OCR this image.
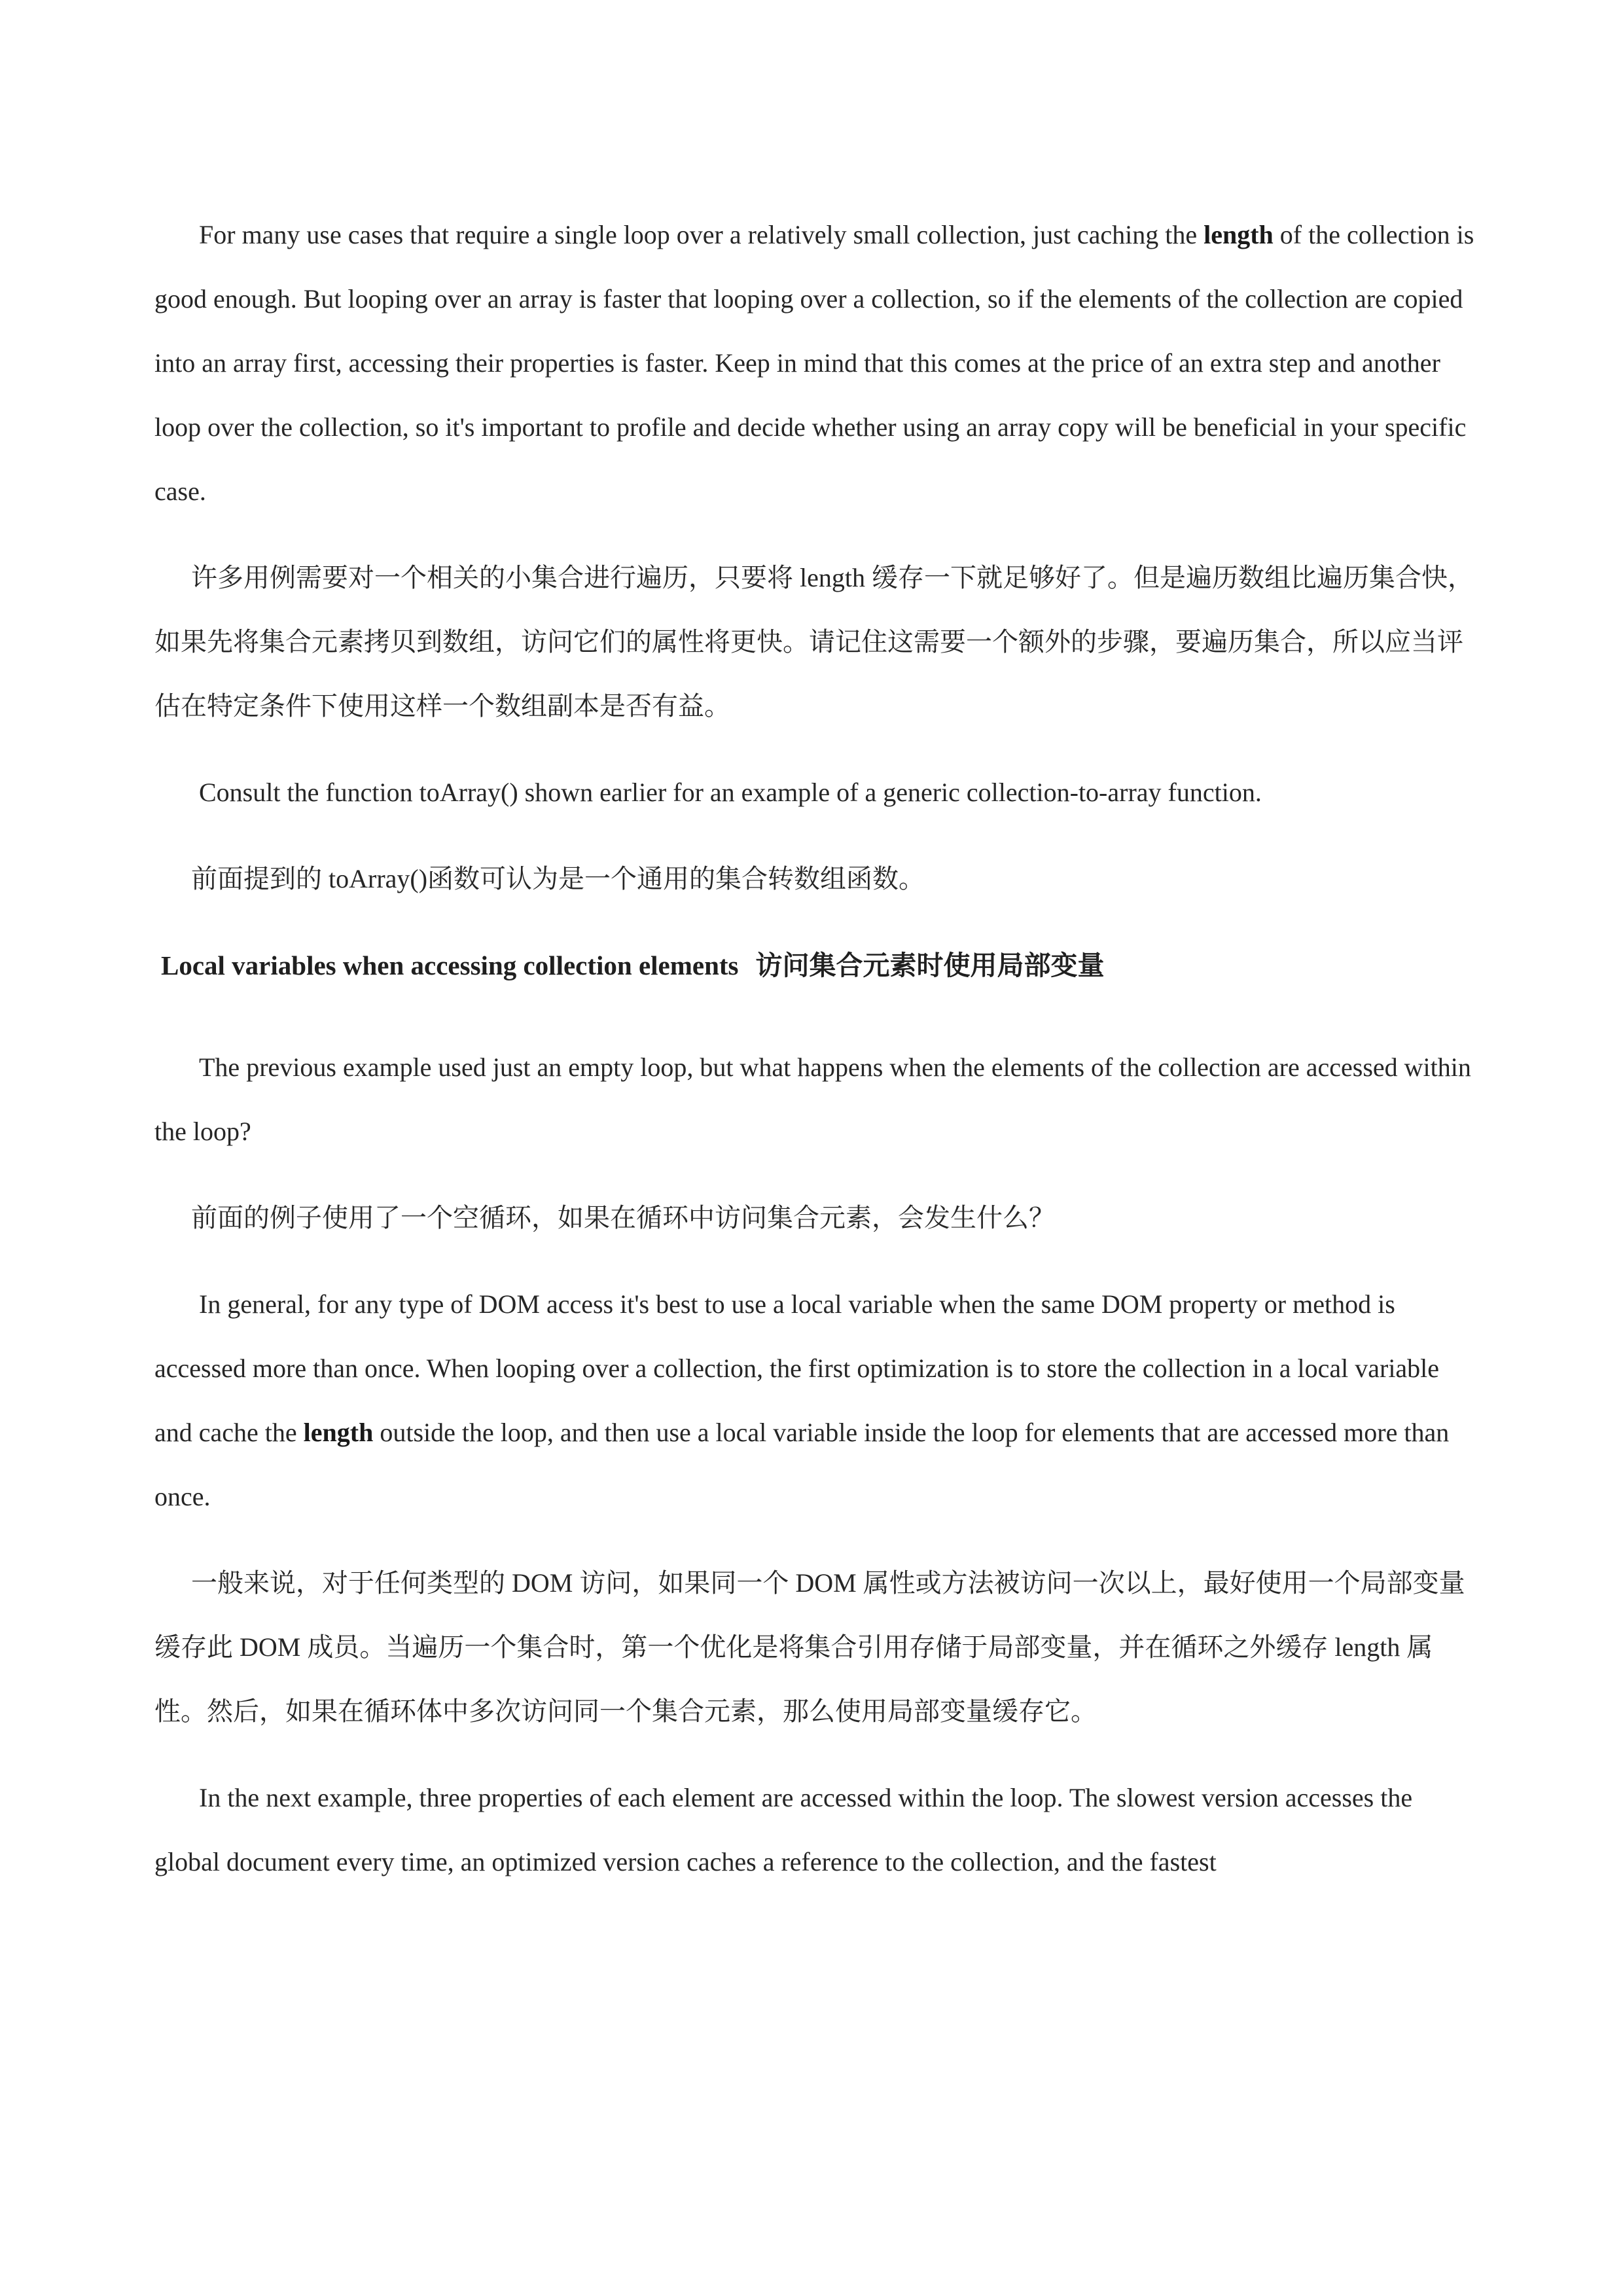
For many use cases that require a single loop over a relatively small collection, just caching the length of the collection is good enough. But looping over an array is faster that looping over a collection, so if the elements of the collection are copied into an array first, accessing their properties is faster. Keep in mind that this comes at the price of an extra step and another loop over the collection, so it's important to profile and decide whether using an array copy will be beneficial in your specific case.

许多用例需要对一个相关的小集合进行遍历，只要将 length 缓存一下就足够好了。但是遍历数组比遍历集合快，如果先将集合元素拷贝到数组，访问它们的属性将更快。请记住这需要一个额外的步骤，要遍历集合，所以应当评估在特定条件下使用这样一个数组副本是否有益。

Consult the function toArray() shown earlier for an example of a generic collection-to-array function.

前面提到的 toArray()函数可认为是一个通用的集合转数组函数。

Local variables when accessing collection elements 访问集合元素时使用局部变量

The previous example used just an empty loop, but what happens when the elements of the collection are accessed within the loop?

前面的例子使用了一个空循环，如果在循环中访问集合元素，会发生什么？

In general, for any type of DOM access it's best to use a local variable when the same DOM property or method is accessed more than once. When looping over a collection, the first optimization is to store the collection in a local variable and cache the length outside the loop, and then use a local variable inside the loop for elements that are accessed more than once.

一般来说，对于任何类型的 DOM 访问，如果同一个 DOM 属性或方法被访问一次以上，最好使用一个局部变量缓存此 DOM 成员。当遍历一个集合时，第一个优化是将集合引用存储于局部变量，并在循环之外缓存 length 属性。然后，如果在循环体中多次访问同一个集合元素，那么使用局部变量缓存它。

In the next example, three properties of each element are accessed within the loop. The slowest version accesses the global document every time, an optimized version caches a reference to the collection, and the fastest
